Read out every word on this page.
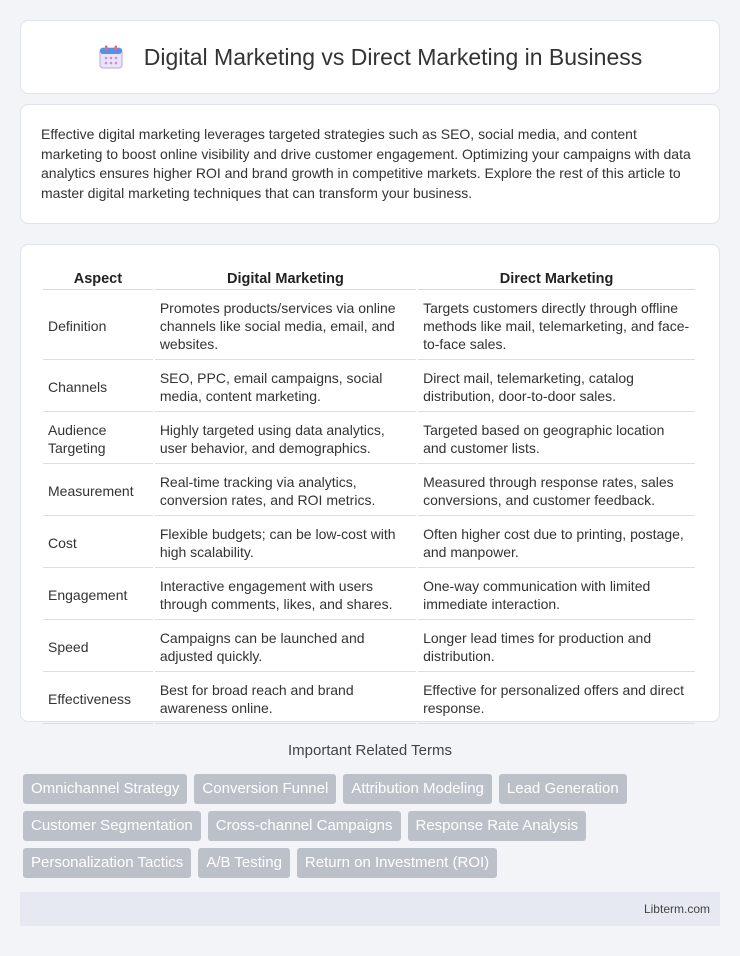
Digital Marketing vs Direct Marketing in Business

Effective digital marketing leverages targeted strategies such as SEO, social media, and content marketing to boost online visibility and drive customer engagement. Optimizing your campaigns with data analytics ensures higher ROI and brand growth in competitive markets. Explore the rest of this article to master digital marketing techniques that can transform your business.

Aspect	Digital Marketing	Direct Marketing
Definition	Promotes products/services via online channels like social media, email, and websites.	Targets customers directly through offline methods like mail, telemarketing, and face-to-face sales.
Channels	SEO, PPC, email campaigns, social media, content marketing.	Direct mail, telemarketing, catalog distribution, door-to-door sales.
Audience Targeting	Highly targeted using data analytics, user behavior, and demographics.	Targeted based on geographic location and customer lists.
Measurement	Real-time tracking via analytics, conversion rates, and ROI metrics.	Measured through response rates, sales conversions, and customer feedback.
Cost	Flexible budgets; can be low-cost with high scalability.	Often higher cost due to printing, postage, and manpower.
Engagement	Interactive engagement with users through comments, likes, and shares.	One-way communication with limited immediate interaction.
Speed	Campaigns can be launched and adjusted quickly.	Longer lead times for production and distribution.
Effectiveness	Best for broad reach and brand awareness online.	Effective for personalized offers and direct response.
Important Related Terms
Omnichannel Strategy	Conversion Funnel	Attribution Modeling	Lead Generation
Customer Segmentation	Cross-channel Campaigns	Response Rate Analysis
Personalization Tactics	A/B Testing	Return on Investment (ROI)
Libterm.com
